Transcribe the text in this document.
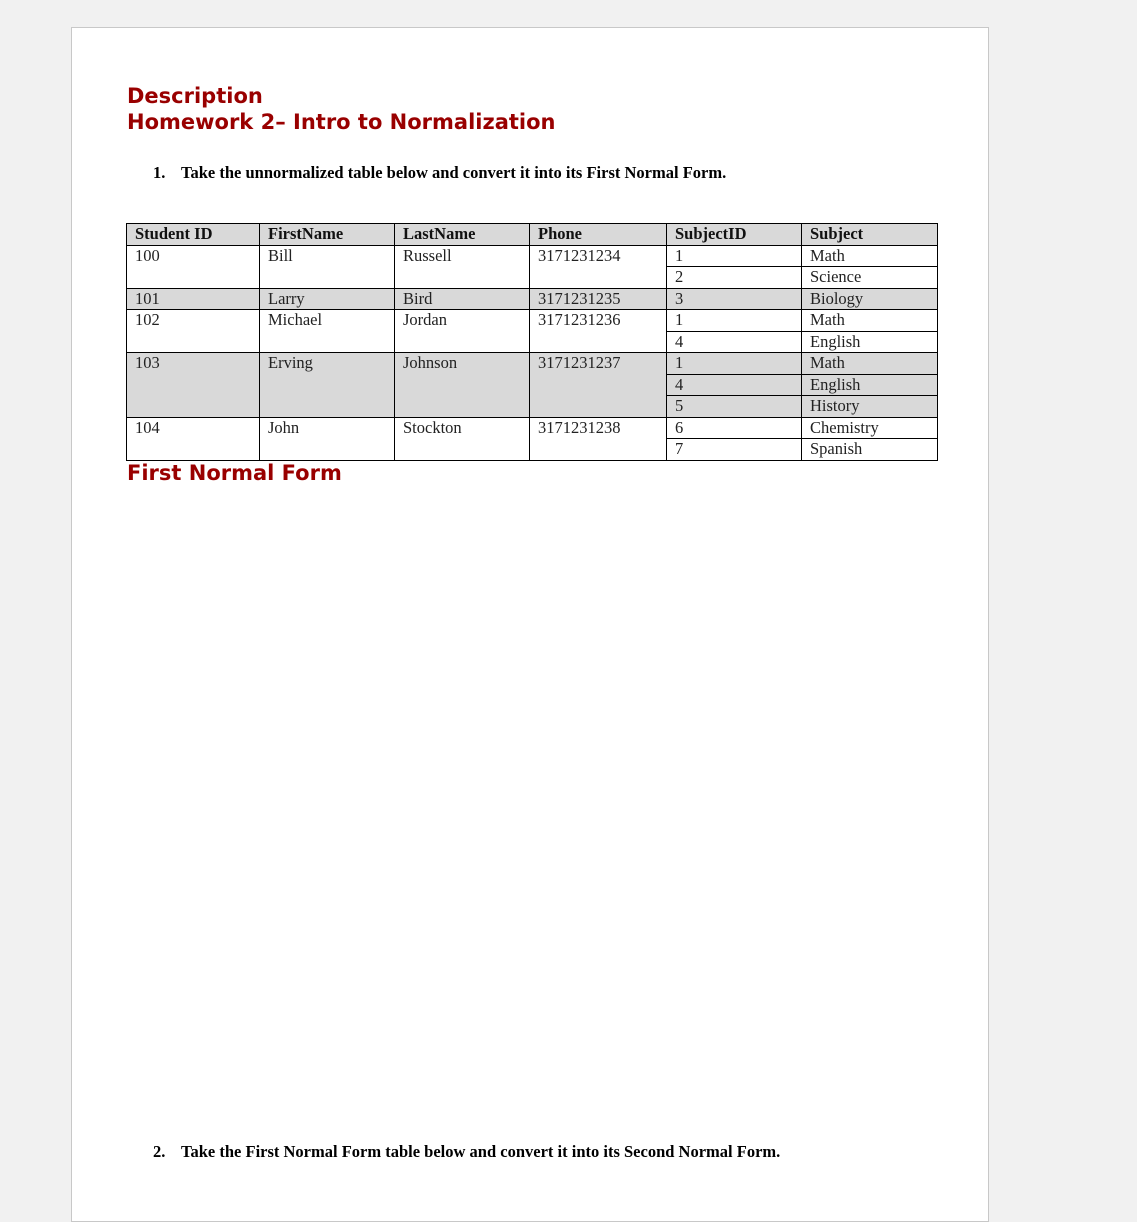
Description
Homework 2– Intro to Normalization

1. Take the unnormalized table below and convert it into its First Normal Form.

Student ID	FirstName	LastName	Phone	SubjectID	Subject
100	Bill	Russell	3171231234	1	Math
				2	Science
101	Larry	Bird	3171231235	3	Biology
102	Michael	Jordan	3171231236	1	Math
				4	English
103	Erving	Johnson	3171231237	1	Math
				4	English
				5	History
104	John	Stockton	3171231238	6	Chemistry
				7	Spanish
First Normal Form

2. Take the First Normal Form table below and convert it into its Second Normal Form.
